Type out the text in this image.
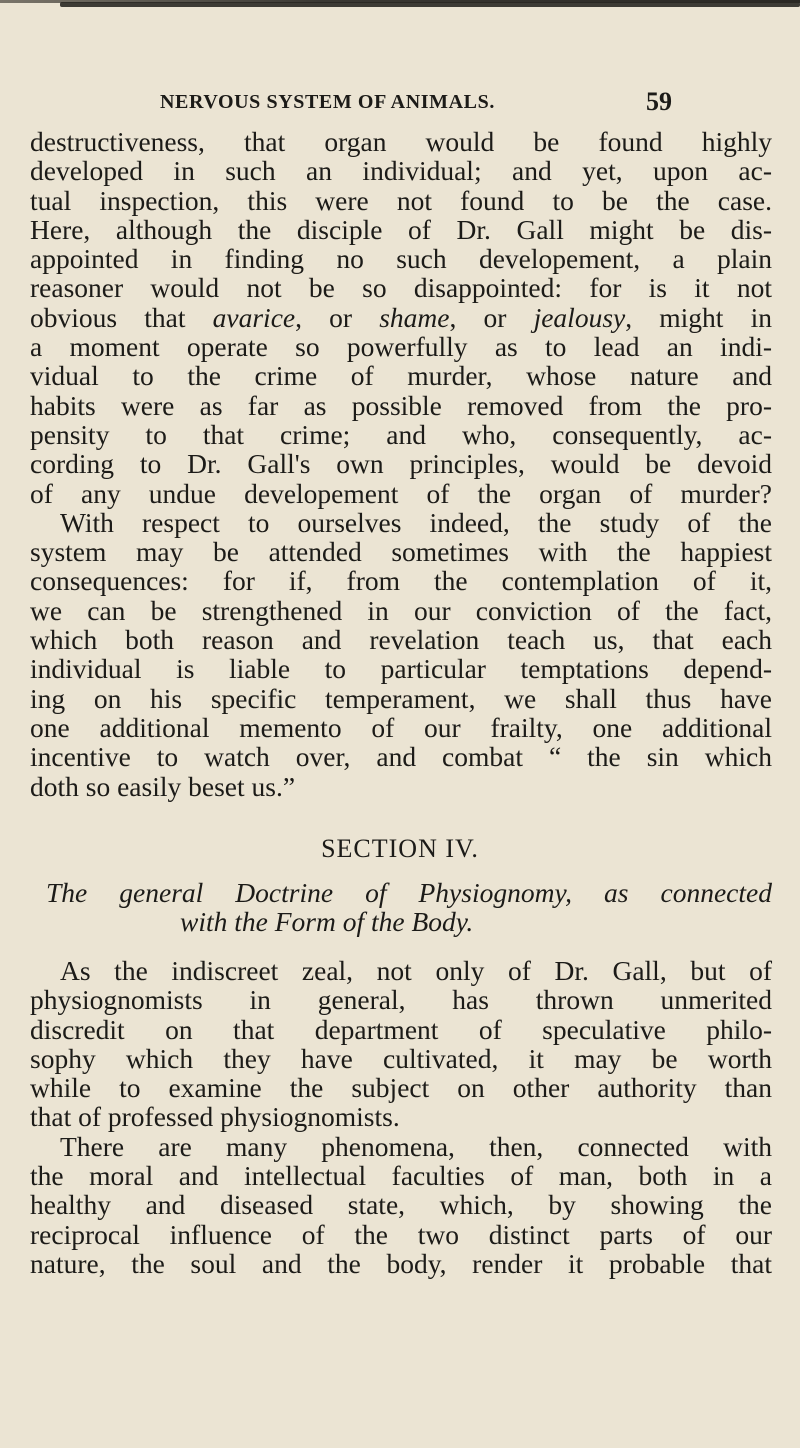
NERVOUS SYSTEM OF ANIMALS.	59
destructiveness, that organ would be found highly
developed in such an individual; and yet, upon ac-
tual inspection, this were not found to be the case.
Here, although the disciple of Dr. Gall might be dis-
appointed in finding no such developement, a plain
reasoner would not be so disappointed: for is it not
obvious that avarice, or shame, or jealousy, might in
a moment operate so powerfully as to lead an indi-
vidual to the crime of murder, whose nature and
habits were as far as possible removed from the pro-
pensity to that crime; and who, consequently, ac-
cording to Dr. Gall's own principles, would be devoid
of any undue developement of the organ of murder?
With respect to ourselves indeed, the study of the
system may be attended sometimes with the happiest
consequences: for if, from the contemplation of it,
we can be strengthened in our conviction of the fact,
which both reason and revelation teach us, that each
individual is liable to particular temptations depend-
ing on his specific temperament, we shall thus have
one additional memento of our frailty, one additional
incentive to watch over, and combat “ the sin which
doth so easily beset us.”
SECTION IV.
The general Doctrine of Physiognomy, as connected
with the Form of the Body.
As the indiscreet zeal, not only of Dr. Gall, but of
physiognomists in general, has thrown unmerited
discredit on that department of speculative philo-
sophy which they have cultivated, it may be worth
while to examine the subject on other authority than
that of professed physiognomists.
There are many phenomena, then, connected with
the moral and intellectual faculties of man, both in a
healthy and diseased state, which, by showing the
reciprocal influence of the two distinct parts of our
nature, the soul and the body, render it probable that
